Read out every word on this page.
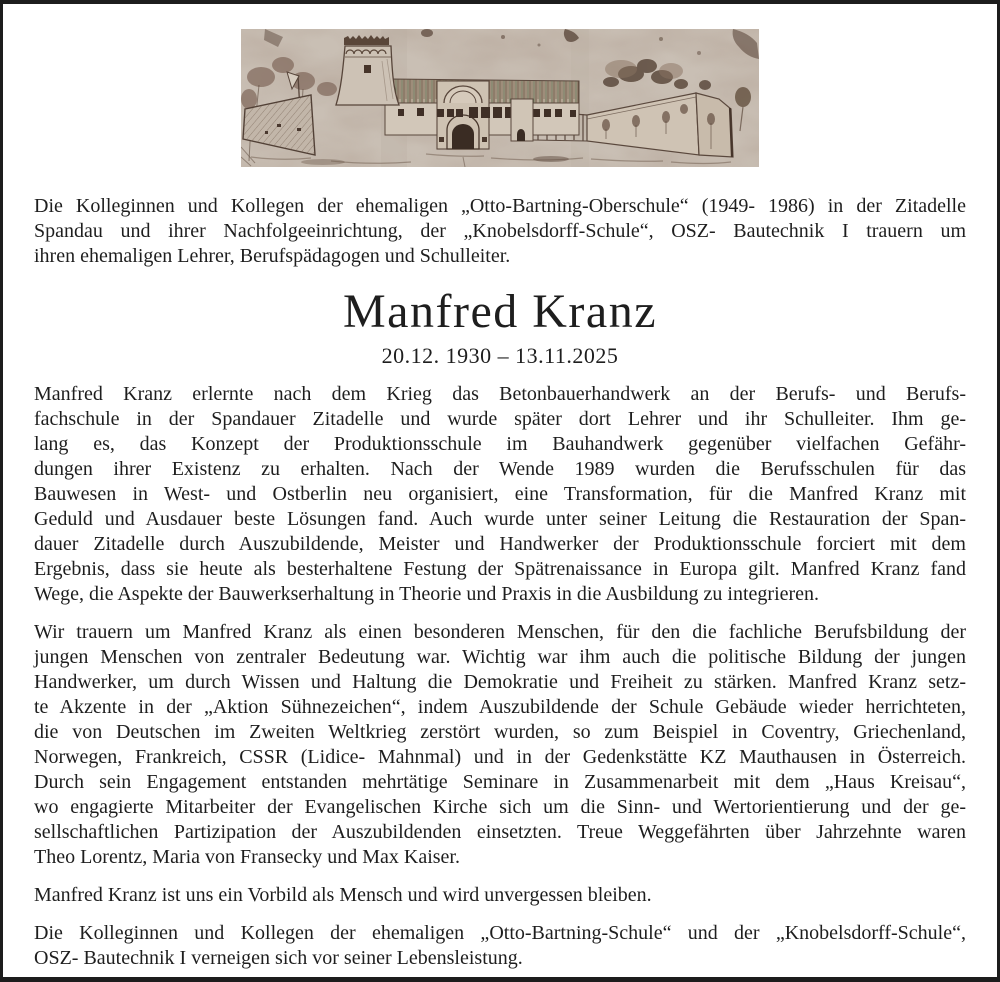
Die Kolleginnen und Kollegen der ehemaligen „Otto-Bartning-Oberschule“ (1949- 1986) in der Zitadelle
Spandau und ihrer Nachfolgeeinrichtung, der „Knobelsdorff-Schule“, OSZ- Bautechnik I trauern um
ihren ehemaligen Lehrer, Berufspädagogen und Schulleiter.
Manfred Kranz
20.12. 1930 – 13.11.2025
Manfred Kranz erlernte nach dem Krieg das Betonbauerhandwerk an der Berufs- und Berufs-
fachschule in der Spandauer Zitadelle und wurde später dort Lehrer und ihr Schulleiter. Ihm ge-
lang es, das Konzept der Produktionsschule im Bauhandwerk gegenüber vielfachen Gefähr-
dungen ihrer Existenz zu erhalten. Nach der Wende 1989 wurden die Berufsschulen für das
Bauwesen in West- und Ostberlin neu organisiert, eine Transformation, für die Manfred Kranz mit
Geduld und Ausdauer beste Lösungen fand. Auch wurde unter seiner Leitung die Restauration der Span-
dauer Zitadelle durch Auszubildende, Meister und Handwerker der Produktionsschule forciert mit dem
Ergebnis, dass sie heute als besterhaltene Festung der Spätrenaissance in Europa gilt. Manfred Kranz fand
Wege, die Aspekte der Bauwerkserhaltung in Theorie und Praxis in die Ausbildung zu integrieren.
Wir trauern um Manfred Kranz als einen besonderen Menschen, für den die fachliche Berufsbildung der
jungen Menschen von zentraler Bedeutung war. Wichtig war ihm auch die politische Bildung der jungen
Handwerker, um durch Wissen und Haltung die Demokratie und Freiheit zu stärken. Manfred Kranz setz-
te Akzente in der „Aktion Sühnezeichen“, indem Auszubildende der Schule Gebäude wieder herrichteten,
die von Deutschen im Zweiten Weltkrieg zerstört wurden, so zum Beispiel in Coventry, Griechenland,
Norwegen, Frankreich, CSSR (Lidice- Mahnmal) und in der Gedenkstätte KZ Mauthausen in Österreich.
Durch sein Engagement entstanden mehrtätige Seminare in Zusammenarbeit mit dem „Haus Kreisau“,
wo engagierte Mitarbeiter der Evangelischen Kirche sich um die Sinn- und Wertorientierung und der ge-
sellschaftlichen Partizipation der Auszubildenden einsetzten. Treue Weggefährten über Jahrzehnte waren
Theo Lorentz, Maria von Fransecky und Max Kaiser.
Manfred Kranz ist uns ein Vorbild als Mensch und wird unvergessen bleiben.
Die Kolleginnen und Kollegen der ehemaligen „Otto-Bartning-Schule“ und der „Knobelsdorff-Schule“,
OSZ- Bautechnik I verneigen sich vor seiner Lebensleistung.
